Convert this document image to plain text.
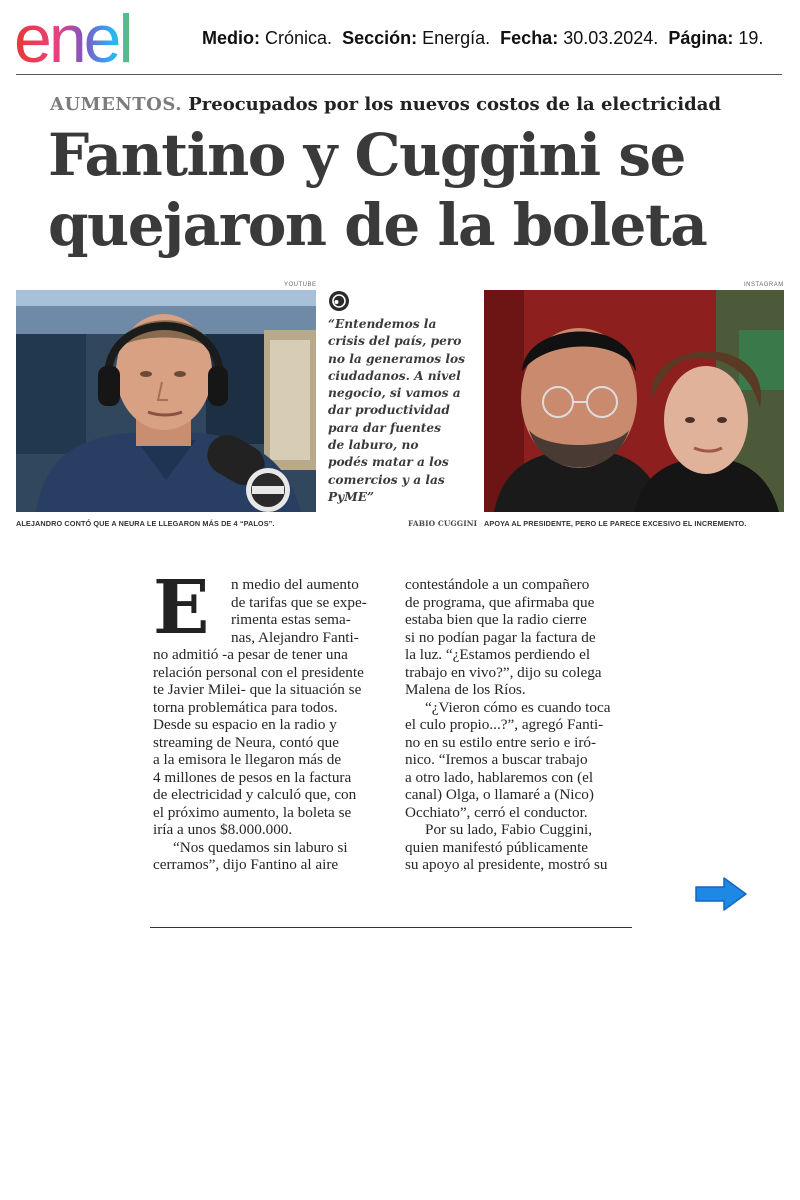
enel	Medio: Crónica. Sección: Energía. Fecha: 30.03.2024. Página: 19.
AUMENTOS. Preocupados por los nuevos costos de la electricidad
Fantino y Cuggini se
quejaron de la boleta
YOUTUBE	INSTAGRAM
“Entendemos la
crisis del país, pero
no la generamos los
ciudadanos. A nivel
negocio, si vamos a
dar productividad
para dar fuentes
de laburo, no
podés matar a los
comercios y a las
PyME”
ALEJANDRO CONTÓ QUE A NEURA LE LLEGARON MÁS DE 4 “PALOS”.	FABIO CUGGINI APOYA AL PRESIDENTE, PERO LE PARECE EXCESIVO EL INCREMENTO.
E	n medio del aumento
de tarifas que se expe-
rimenta estas sema-
nas, Alejandro Fanti-
no admitió -a pesar de tener una
relación personal con el presidente
te Javier Milei- que la situación se
torna problemática para todos.
Desde su espacio en la radio y
streaming de Neura, contó que
a la emisora le llegaron más de
4 millones de pesos en la factura
de electricidad y calculó que, con
el próximo aumento, la boleta se
iría a unos $8.000.000.
“Nos quedamos sin laburo si
cerramos”, dijo Fantino al aire
contestándole a un compañero
de programa, que afirmaba que
estaba bien que la radio cierre
si no podían pagar la factura de
la luz. “¿Estamos perdiendo el
trabajo en vivo?”, dijo su colega
Malena de los Ríos.
“¿Vieron cómo es cuando toca
el culo propio...?”, agregó Fanti-
no en su estilo entre serio e iró-
nico. “Iremos a buscar trabajo
a otro lado, hablaremos con (el
canal) Olga, o llamaré a (Nico)
Occhiato”, cerró el conductor.
Por su lado, Fabio Cuggini,
quien manifestó públicamente
su apoyo al presidente, mostró su
